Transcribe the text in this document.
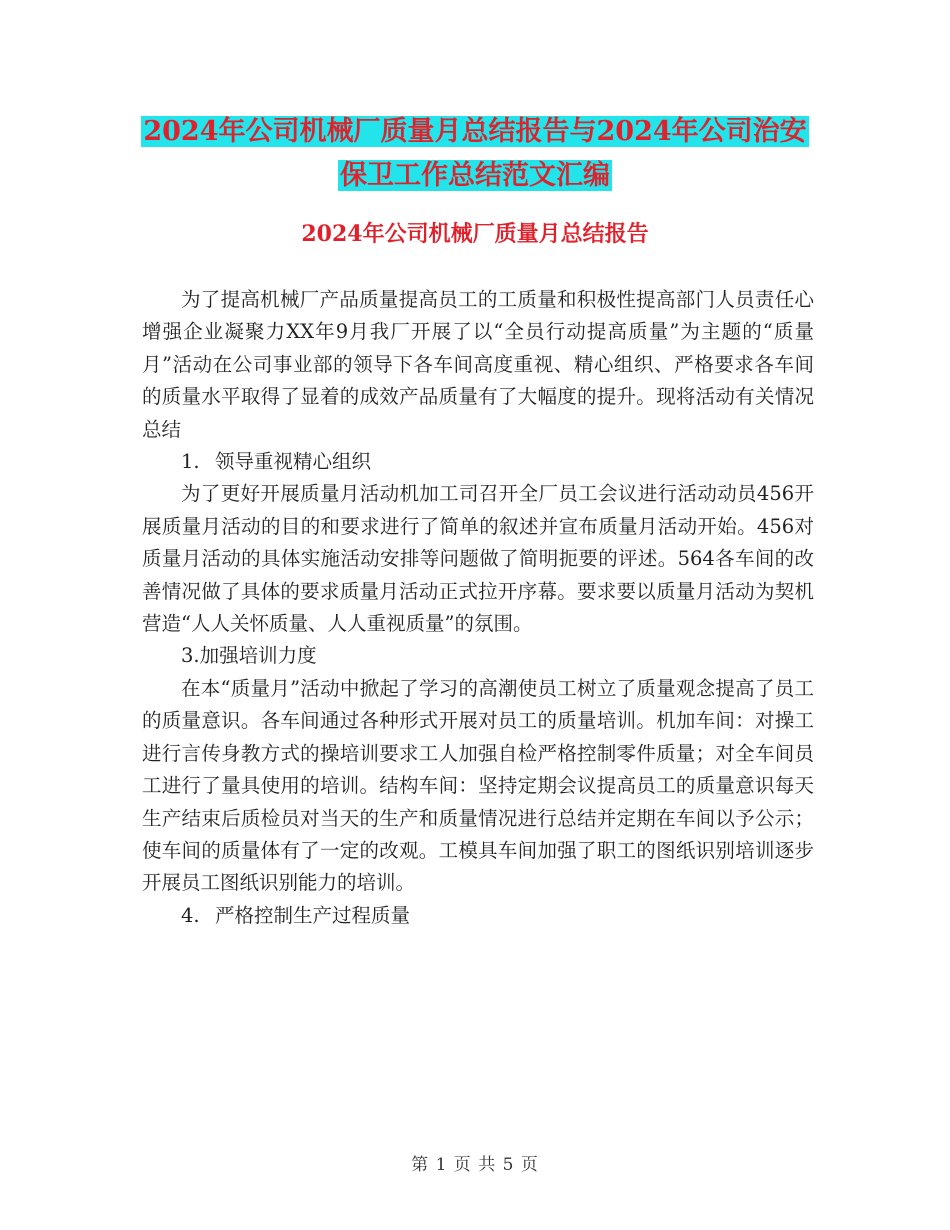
2024年公司机械厂质量月总结报告与2024年公司治安
保卫工作总结范文汇编
2024年公司机械厂质量月总结报告

为了提高机械厂产品质量提高员工的工质量和积极性提高部门人员责任心增强企业凝聚力XX年9月我厂开展了以“全员行动提高质量”为主题的“质量月”活动在公司事业部的领导下各车间高度重视、精心组织、严格要求各车间的质量水平取得了显着的成效产品质量有了大幅度的提升。现将活动有关情况总结

1. 领导重视精心组织

为了更好开展质量月活动机加工司召开全厂员工会议进行活动动员456开展质量月活动的目的和要求进行了简单的叙述并宣布质量月活动开始。456对质量月活动的具体实施活动安排等问题做了简明扼要的评述。564各车间的改善情况做了具体的要求质量月活动正式拉开序幕。要求要以质量月活动为契机营造“人人关怀质量、人人重视质量”的氛围。

3.加强培训力度

在本“质量月”活动中掀起了学习的高潮使员工树立了质量观念提高了员工的质量意识。各车间通过各种形式开展对员工的质量培训。机加车间：对操工进行言传身教方式的操培训要求工人加强自检严格控制零件质量；对全车间员工进行了量具使用的培训。结构车间：坚持定期会议提高员工的质量意识每天生产结束后质检员对当天的生产和质量情况进行总结并定期在车间以予公示；使车间的质量体有了一定的改观。工模具车间加强了职工的图纸识别培训逐步开展员工图纸识别能力的培训。

4. 严格控制生产过程质量

第 1 页 共 5 页
